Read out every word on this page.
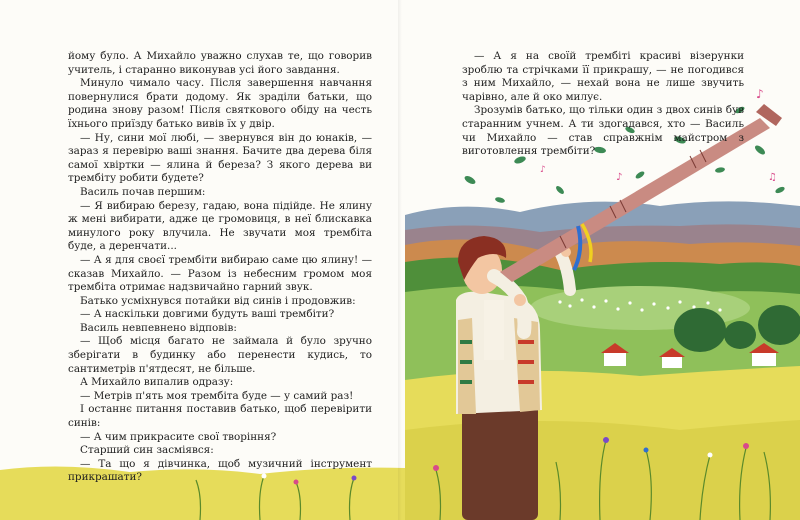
♪
♪	♫
♪

йому було. А Михайло уважно слухав те, що говорив учитель, і старанно виконував усі його завдання.

Минуло чимало часу. Після завершення навчання повернулися брати додому. Як зраділи батьки, що родина знову разом! Після святкового обіду на честь їхнього приїзду батько вивів їх у двір.

— Ну, сини мої любі, — звернувся він до юнаків, — зараз я перевірю ваші знання. Бачите два дерева біля самої хвіртки — ялина й береза? З якого дерева ви трембіту робити будете?

Василь почав першим:

— Я вибираю березу, гадаю, вона підійде. Не ялину ж мені вибирати, адже це громовиця, в неї блискавка минулого року влучила. Не звучати моя трембіта буде, а деренчати...

— А я для своєї трембіти вибираю саме цю ялину! — сказав Михайло. — Разом із небесним громом моя трембіта отримає надзвичайно гарний звук.

Батько усміхнувся потайки від синів і продовжив:

— А наскільки довгими будуть ваші трембіти?

Василь невпевнено відповів:

— Щоб місця багато не займала й було зручно зберігати в будинку або перенести кудись, то сантиметрів п'ятдесят, не більше.

А Михайло випалив одразу:

— Метрів п'ять моя трембіта буде — у самий раз!

І останнє питання поставив батько, щоб перевірити синів:

— А чим прикрасите свої творіння?

Старший син засміявся:

— Та що я дівчинка, щоб музичний інструмент прикрашати?

— А я на своїй трембіті красиві візерунки зроблю та стрічками її прикрашу, — не погодився з ним Михайло, — нехай вона не лише звучить чарівно, але й око милує.

Зрозумів батько, що тільки один з двох синів був старанним учнем. А ти здогадався, хто — Василь чи Михайло — став справжнім майстром з виготовлення трембіти?
